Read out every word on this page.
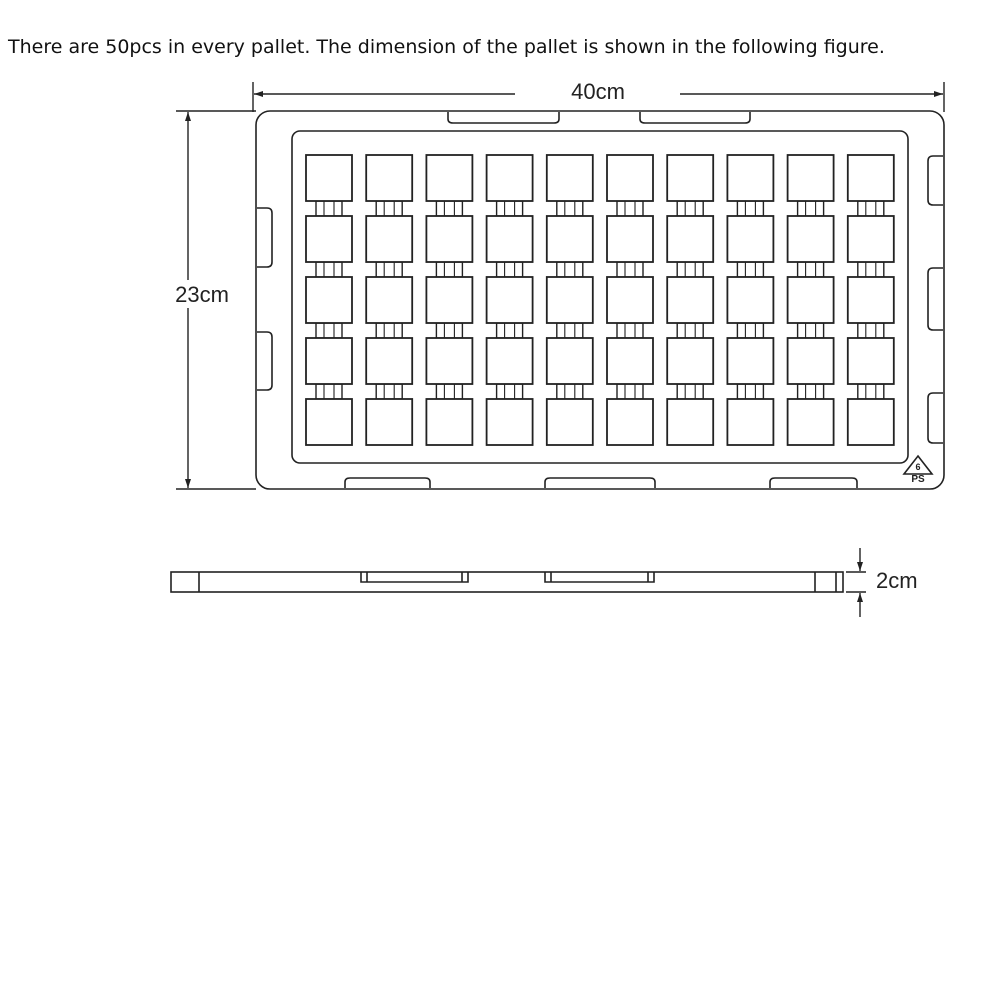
There are 50pcs in every pallet. The dimension of the pallet is shown in the following figure.
6
PS
40cm
23cm
2cm
